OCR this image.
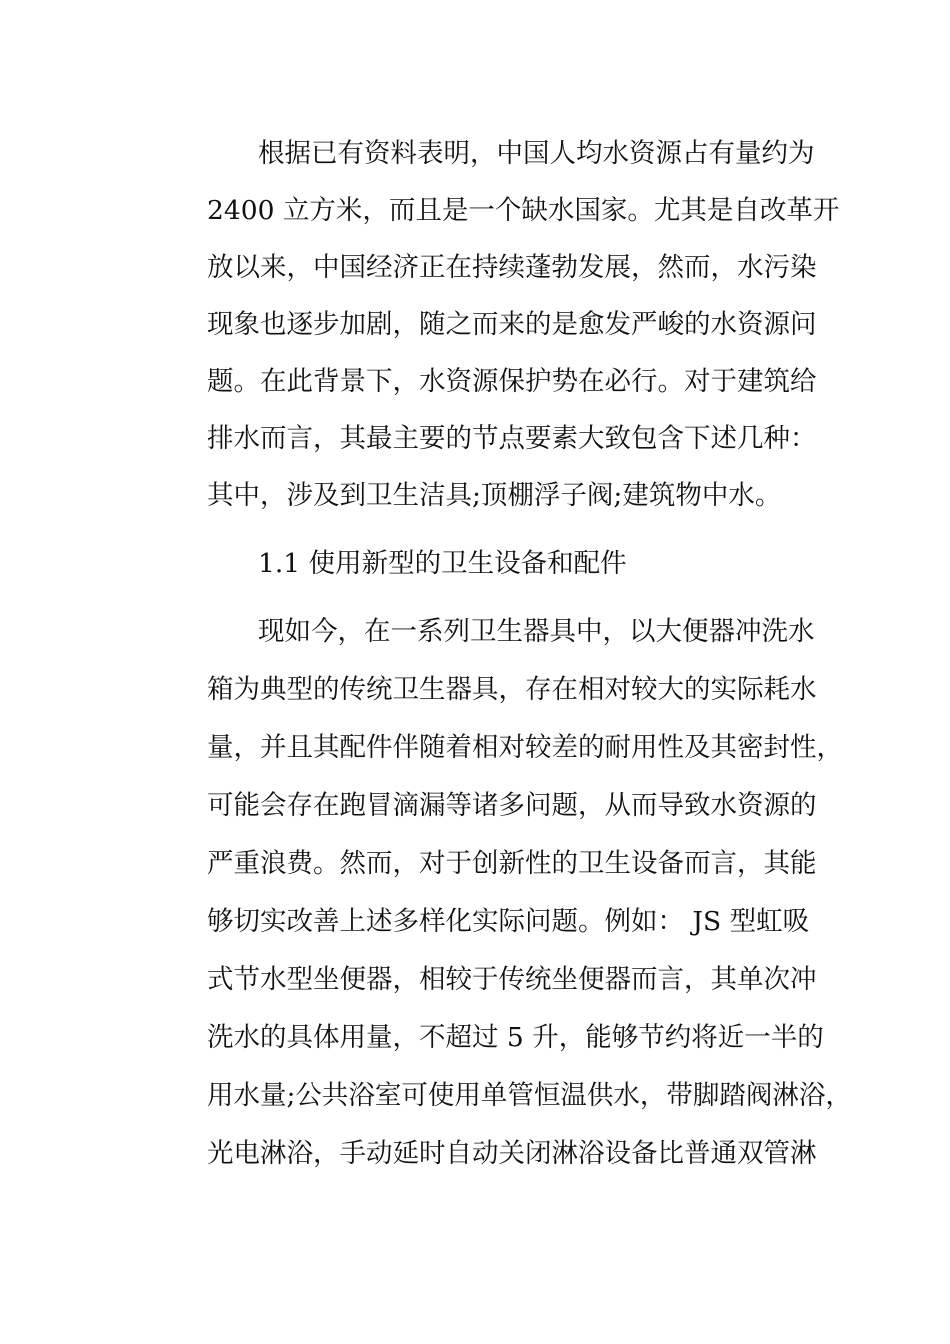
根据已有资料表明，中国人均水资源占有量约为
2400 立方米，而且是一个缺水国家。尤其是自改革开
放以来，中国经济正在持续蓬勃发展，然而，水污染
现象也逐步加剧，随之而来的是愈发严峻的水资源问
题。在此背景下，水资源保护势在必行。对于建筑给
排水而言，其最主要的节点要素大致包含下述几种：
其中，涉及到卫生洁具;顶棚浮子阀;建筑物中水。
1.1 使用新型的卫生设备和配件
现如今，在一系列卫生器具中，以大便器冲洗水
箱为典型的传统卫生器具，存在相对较大的实际耗水
量，并且其配件伴随着相对较差的耐用性及其密封性，
可能会存在跑冒滴漏等诸多问题，从而导致水资源的
严重浪费。然而，对于创新性的卫生设备而言，其能
够切实改善上述多样化实际问题。例如： JS 型虹吸
式节水型坐便器，相较于传统坐便器而言，其单次冲
洗水的具体用量，不超过 5 升，能够节约将近一半的
用水量;公共浴室可使用单管恒温供水，带脚踏阀淋浴，
光电淋浴，手动延时自动关闭淋浴设备比普通双管淋
